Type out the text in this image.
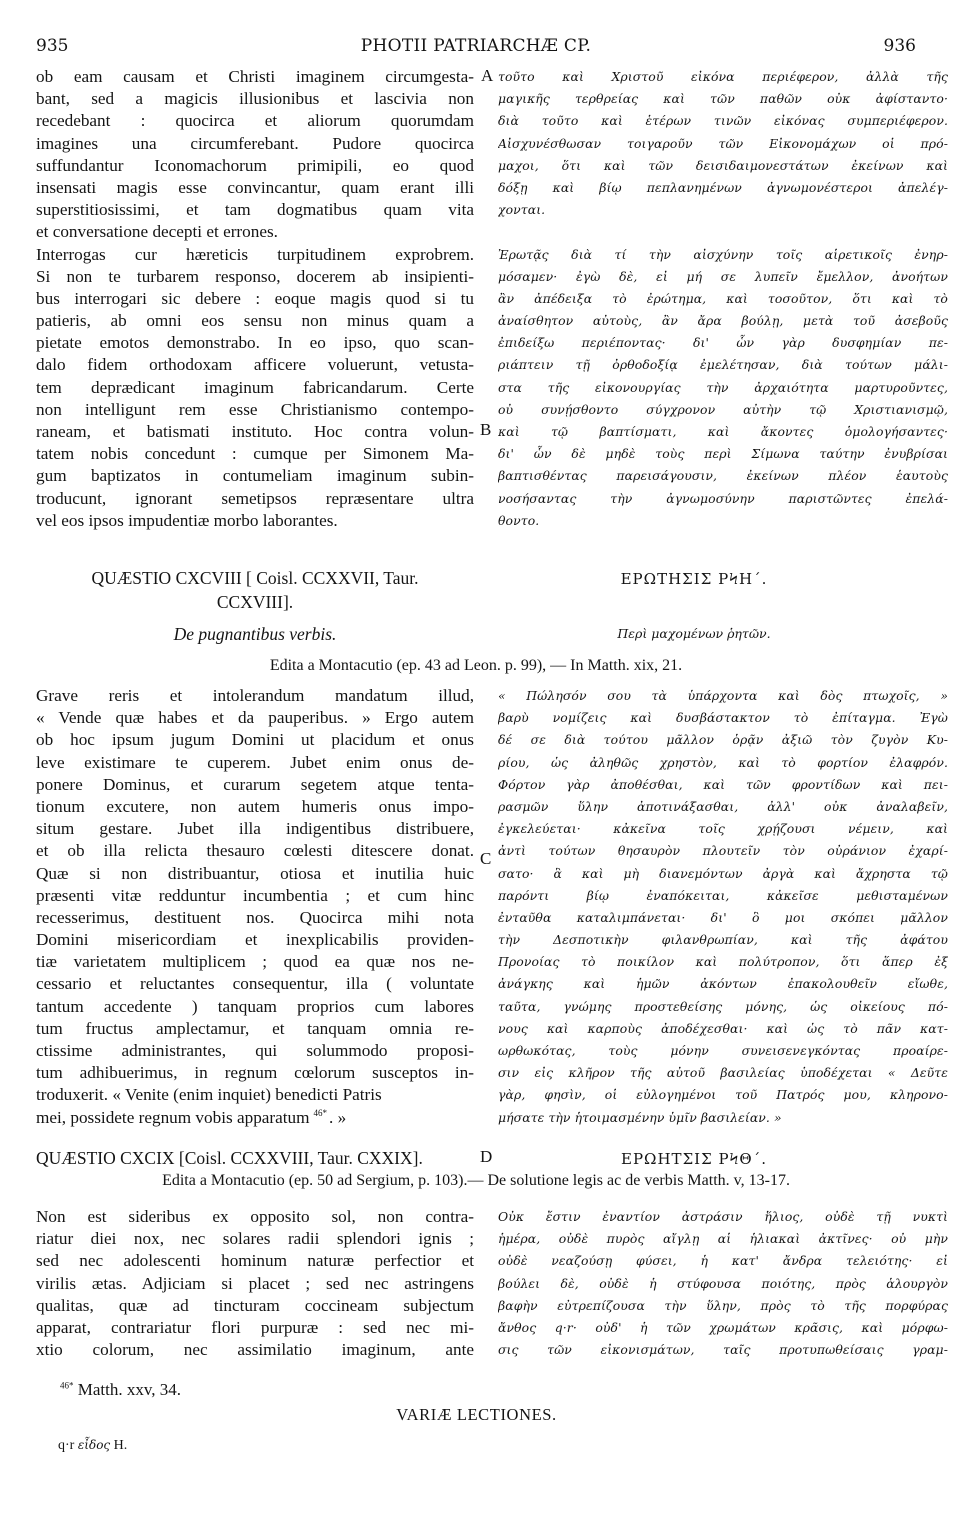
935	PHOTII PATRIARCHÆ CP.	936
ob eam causam et Christi imaginem circumgesta-
bant, sed a magicis illusionibus et lascivia non
recedebant : quocirca et aliorum quorumdam
imagines una circumferebant. Pudore quocirca
suffundantur Iconomachorum primipili, eo quod
insensati magis esse convincantur, quam erant illi
superstitiosissimi, et tam dogmatibus quam vita
et conversatione decepti et errones.
Interrogas cur hæreticis turpitudinem exprobrem.
Si non te turbarem responso, docerem ab insipienti-
bus interrogari sic debere : eoque magis quod si tu
patieris, ab omni eos sensu non minus quam a
pietate emotos demonstrabo. In eo ipso, quo scan-
dalo fidem orthodoxam afficere voluerunt, vetusta-
tem deprædicant imaginum fabricandarum. Certe
non intelligunt rem esse Christianismo contempo-
raneam, et batismati instituto. Hoc contra volun-
tatem nobis concedunt : cumque per Simonem Ma-
gum baptizatos in contumeliam imaginum subin-
troducunt, ignorant semetipsos repræsentare ultra
vel eos ipsos impudentiæ morbo laborantes.
τοῦτο καὶ Χριστοῦ εἰκόνα περιέφερον, ἀλλὰ τῆς
μαγικῆς τερθρείας καὶ τῶν παθῶν οὐκ ἀφίσταντο·
διὰ τοῦτο καὶ ἑτέρων τινῶν εἰκόνας συμπεριέφερον.
Αἰσχυνέσθωσαν τοιγαροῦν τῶν Εἰκονομάχων οἱ πρό-
μαχοι, ὅτι καὶ τῶν δεισιδαιμονεστάτων ἐκείνων καὶ
δόξῃ καὶ βίῳ πεπλανημένων ἀγνωμονέστεροι ἀπελέγ-
χονται.

Ἐρωτᾷς διὰ τί τὴν αἰσχύνην τοῖς αἱρετικοῖς ἐνηρ-
μόσαμεν· ἐγὼ δὲ, εἰ μή σε λυπεῖν ἔμελλον, ἀνοήτων
ἂν ἀπέδειξα τὸ ἐρώτημα, καὶ τοσοῦτον, ὅτι καὶ τὸ
ἀναίσθητον αὐτοὺς, ἂν ἄρα βούλῃ, μετὰ τοῦ ἀσεβοῦς
ἐπιδείξω περιέποντας· δι' ὧν γὰρ δυσφημίαν πε-
ριάπτειν τῇ ὀρθοδοξίᾳ ἐμελέτησαν, διὰ τούτων μάλι-
στα τῆς εἰκονουργίας τὴν ἀρχαιότητα μαρτυροῦντες,
οὐ συνῄσθοντο σύγχρονον αὐτὴν τῷ Χριστιανισμῷ,
καὶ τῷ βαπτίσματι, καὶ ἄκοντες ὁμολογήσαντες·
δι' ὧν δὲ μηδὲ τοὺς περὶ Σίμωνα ταύτην ἐνυβρίσαι
βαπτισθέντας παρεισάγουσιν, ἐκείνων πλέον ἑαυτοὺς
νοσήσαντας τὴν ἀγνωμοσύνην παριστῶντες ἐπελά-
θοντο.
A
B
QUÆSTIO CXCVIII [ Coisl. CCXXVII, Taur.
CCXVIII].
ΕΡΩΤΗΣΙΣ ΡϞΗ΄.
De pugnantibus verbis.	Περὶ μαχομένων ῥητῶν.
Edita a Montacutio (ep. 43 ad Leon. p. 99), — In Matth. xix, 21.
Grave reris et intolerandum mandatum illud,
« Vende quæ habes et da pauperibus. » Ergo autem
ob hoc ipsum jugum Domini ut placidum et onus
leve existimare te cuperem. Jubet enim onus de-
ponere Dominus, et curarum segetem atque tenta-
tionum excutere, non autem humeris onus impo-
situm gestare. Jubet illa indigentibus distribuere,
et ob illa relicta thesauro cœlesti ditescere donat.
Quæ si non distribuantur, otiosa et inutilia huic
præsenti vitæ redduntur incumbentia ; et cum hinc
recesserimus, destituent nos. Quocirca mihi nota
Domini misericordiam et inexplicabilis providen-
tiæ varietatem multiplicem ; quod ea quæ nos ne-
cessario et reluctantes consequentur, illa ( voluntate
tantum accedente ) tanquam proprios cum labores
tum fructus amplectamur, et tanquam omnia re-
ctissime administrantes, qui solummodo proposi-
tum adhibuerimus, in regnum cœlorum susceptos in-
troduxerit. « Venite (enim inquiet) benedicti Patris
mei, possidete regnum vobis apparatum $^{46*}$ . »
« Πώλησόν σου τὰ ὑπάρχοντα καὶ δὸς πτωχοῖς, »
βαρὺ νομίζεις καὶ δυσβάστακτον τὸ ἐπίταγμα. Ἐγὼ
δέ σε διὰ τούτου μᾶλλον ὁρᾷν ἀξιῶ τὸν ζυγὸν Κυ-
ρίου, ὡς ἀληθῶς χρηστὸν, καὶ τὸ φορτίον ἐλαφρόν.
Φόρτον γὰρ ἀποθέσθαι, καὶ τῶν φροντίδων καὶ πει-
ρασμῶν ὕλην ἀποτινάξασθαι, ἀλλ' οὐκ ἀναλαβεῖν,
ἐγκελεύεται· κἀκεῖνα τοῖς χρῄζουσι νέμειν, καὶ
ἀντὶ τούτων θησαυρὸν πλουτεῖν τὸν οὐράνιον ἐχαρί-
σατο· ἃ καὶ μὴ διανεμόντων ἀργὰ καὶ ἄχρηστα τῷ
παρόντι βίῳ ἐναπόκειται, κἀκεῖσε μεθισταμένων
ἐνταῦθα καταλιμπάνεται· δι' ὃ μοι σκόπει μᾶλλον
τὴν Δεσποτικὴν φιλανθρωπίαν, καὶ τῆς ἀφάτου
Προνοίας τὸ ποικίλον καὶ πολύτροπον, ὅτι ἅπερ ἐξ
ἀνάγκης καὶ ἡμῶν ἀκόντων ἐπακολουθεῖν εἴωθε,
ταῦτα, γνώμης προστεθείσης μόνης, ὡς οἰκείους πό-
νους καὶ καρποὺς ἀποδέχεσθαι· καὶ ὡς τὸ πᾶν κατ-
ωρθωκότας, τοὺς μόνην συνεισενεγκόντας προαίρε-
σιν εἰς κλῆρον τῆς αὐτοῦ βασιλείας ὑποδέχεται « Δεῦτε
γὰρ, φησὶν, οἱ εὐλογημένοι τοῦ Πατρός μου, κληρονο-
μήσατε τὴν ἡτοιμασμένην ὑμῖν βασιλείαν. »
C
QUÆSTIO CXCIX [Coisl. CCXXVIII, Taur. CXXIX].	D	ΕΡΩΗΤΣΙΣ ΡϞΘ΄.
Edita a Montacutio (ep. 50 ad Sergium, p. 103).— De solutione legis ac de verbis Matth. v, 13-17.
Non est sideribus ex opposito sol, non contra-
riatur diei nox, nec solares radii splendori ignis ;
sed nec adolescenti hominum naturæ perfectior et
virilis ætas. Adjiciam si placet ; sed nec astringens
qualitas, quæ ad tincturam coccineam subjectum
apparat, contrariatur flori purpuræ : sed nec mi-
xtio colorum, nec assimilatio imaginum, ante
Οὐκ ἔστιν ἐναντίον ἀστράσιν ἥλιος, οὐδὲ τῇ νυκτὶ
ἡμέρα, οὐδὲ πυρὸς αἴγλῃ αἱ ἡλιακαὶ ἀκτῖνες· οὐ μὴν
οὐδὲ νεαζούσῃ φύσει, ἡ κατ' ἄνδρα τελειότης· εἰ
βούλει δὲ, οὐδὲ ἡ στύφουσα ποιότης, πρὸς ἁλουργὸν
βαφὴν εὐτρεπίζουσα τὴν ὕλην, πρὸς τὸ τῆς πορφύρας
ἄνθος q·r· οὐδ' ἡ τῶν χρωμάτων κρᾶσις, καὶ μόρφω-
σις τῶν εἰκονισμάτων, ταῖς προτυπωθείσαις γραμ-
$^{46*}$ Matth. xxv, 34.
VARIÆ LECTIONES.
q·r εἶδος H.
